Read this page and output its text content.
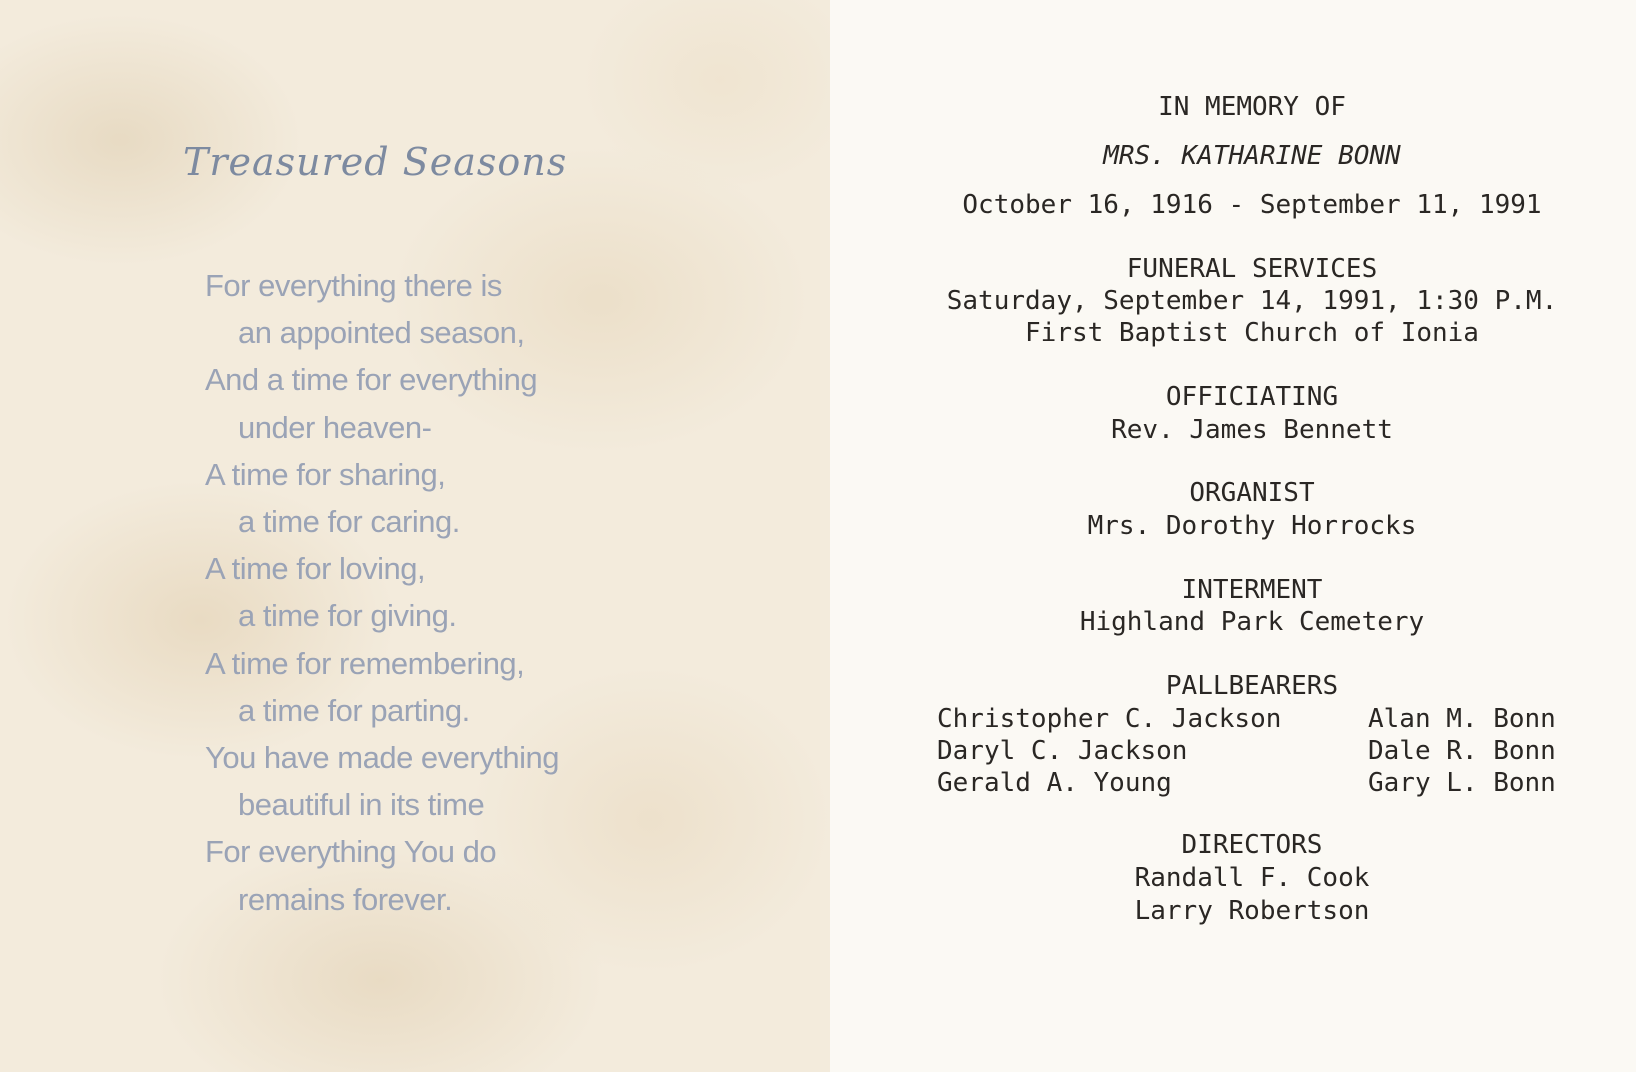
Treasured Seasons
For everything there is
an appointed season,
And a time for everything
under heaven-
A time for sharing,
a time for caring.
A time for loving,
a time for giving.
A time for remembering,
a time for parting.
You have made everything
beautiful in its time
For everything You do
remains forever.
IN MEMORY OF
MRS. KATHARINE BONN
October 16, 1916 - September 11, 1991
FUNERAL SERVICES
Saturday, September 14, 1991, 1:30 P.M.
First Baptist Church of Ionia
OFFICIATING
Rev. James Bennett
ORGANIST
Mrs. Dorothy Horrocks
INTERMENT
Highland Park Cemetery
PALLBEARERS
Christopher C. Jackson
Daryl C. Jackson
Gerald A. Young
Alan M. Bonn
Dale R. Bonn
Gary L. Bonn
DIRECTORS
Randall F. Cook
Larry Robertson
